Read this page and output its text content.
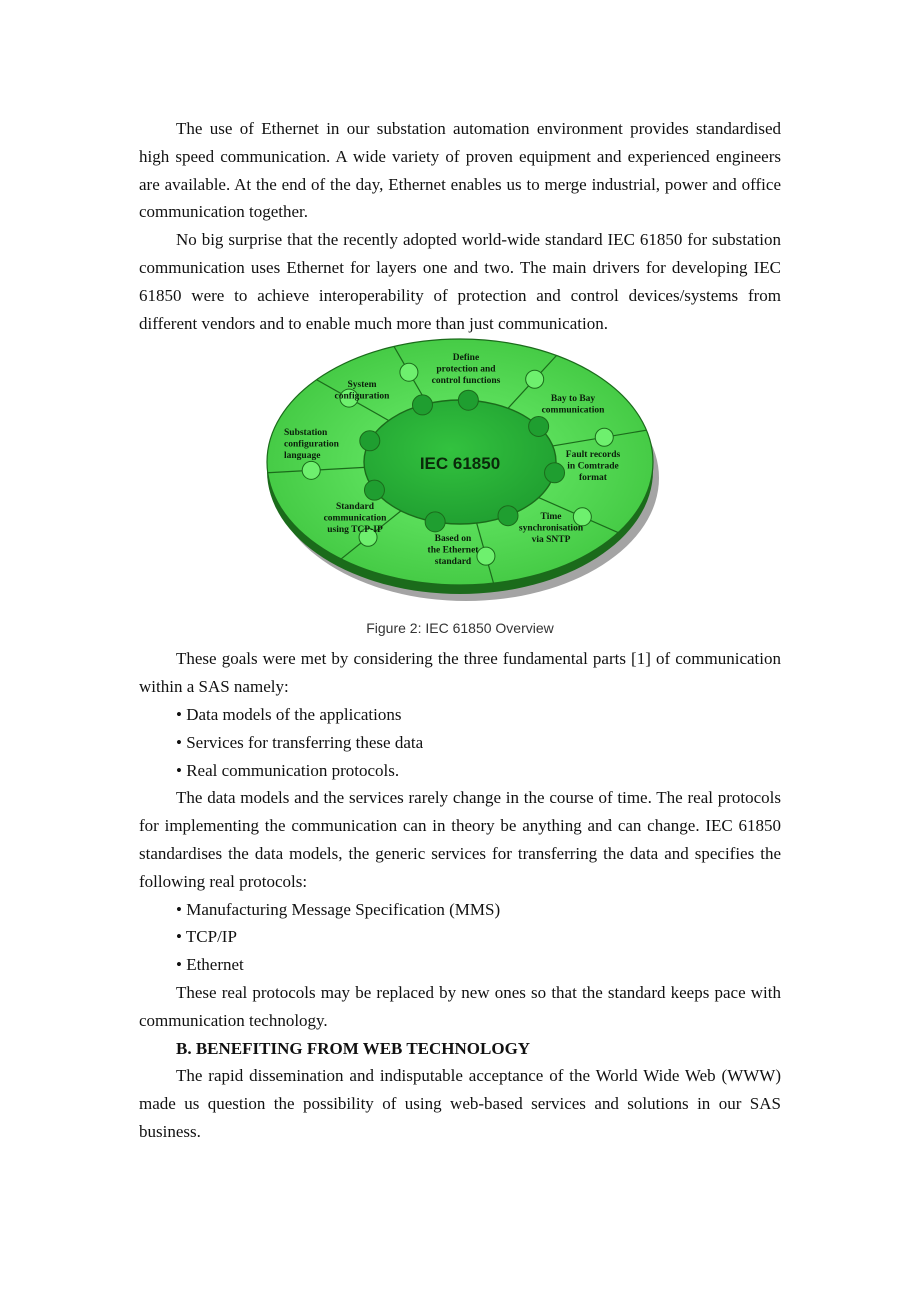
The use of Ethernet in our substation automation environment provides standardised high speed communication. A wide variety of proven equipment and experienced engineers are available. At the end of the day, Ethernet enables us to merge industrial, power and office communication together.

No big surprise that the recently adopted world-wide standard IEC 61850 for substation communication uses Ethernet for layers one and two. The main drivers for developing IEC 61850 were to achieve interoperability of protection and control devices/systems from different vendors and to enable much more than just communication.

IEC 61850
Define protection and control functions
Bay to Bay communication
Fault records in Comtrade format
Time synchronisation via SNTP
Based on the Ethernet standard
Standard communication using TCP-IP
Substation configuration language
System configuration
Figure 2: IEC 61850 Overview

These goals were met by considering the three fundamental parts [1] of communication within a SAS namely:

• Data models of the applications

• Services for transferring these data

• Real communication protocols.

The data models and the services rarely change in the course of time. The real protocols for implementing the communication can in theory be anything and can change. IEC 61850 standardises the data models, the generic services for transferring the data and specifies the following real protocols:

• Manufacturing Message Specification (MMS)

• TCP/IP

• Ethernet

These real protocols may be replaced by new ones so that the standard keeps pace with communication technology.

B. BENEFITING FROM WEB TECHNOLOGY

The rapid dissemination and indisputable acceptance of the World Wide Web (WWW) made us question the possibility of using web-based services and solutions in our SAS business.
